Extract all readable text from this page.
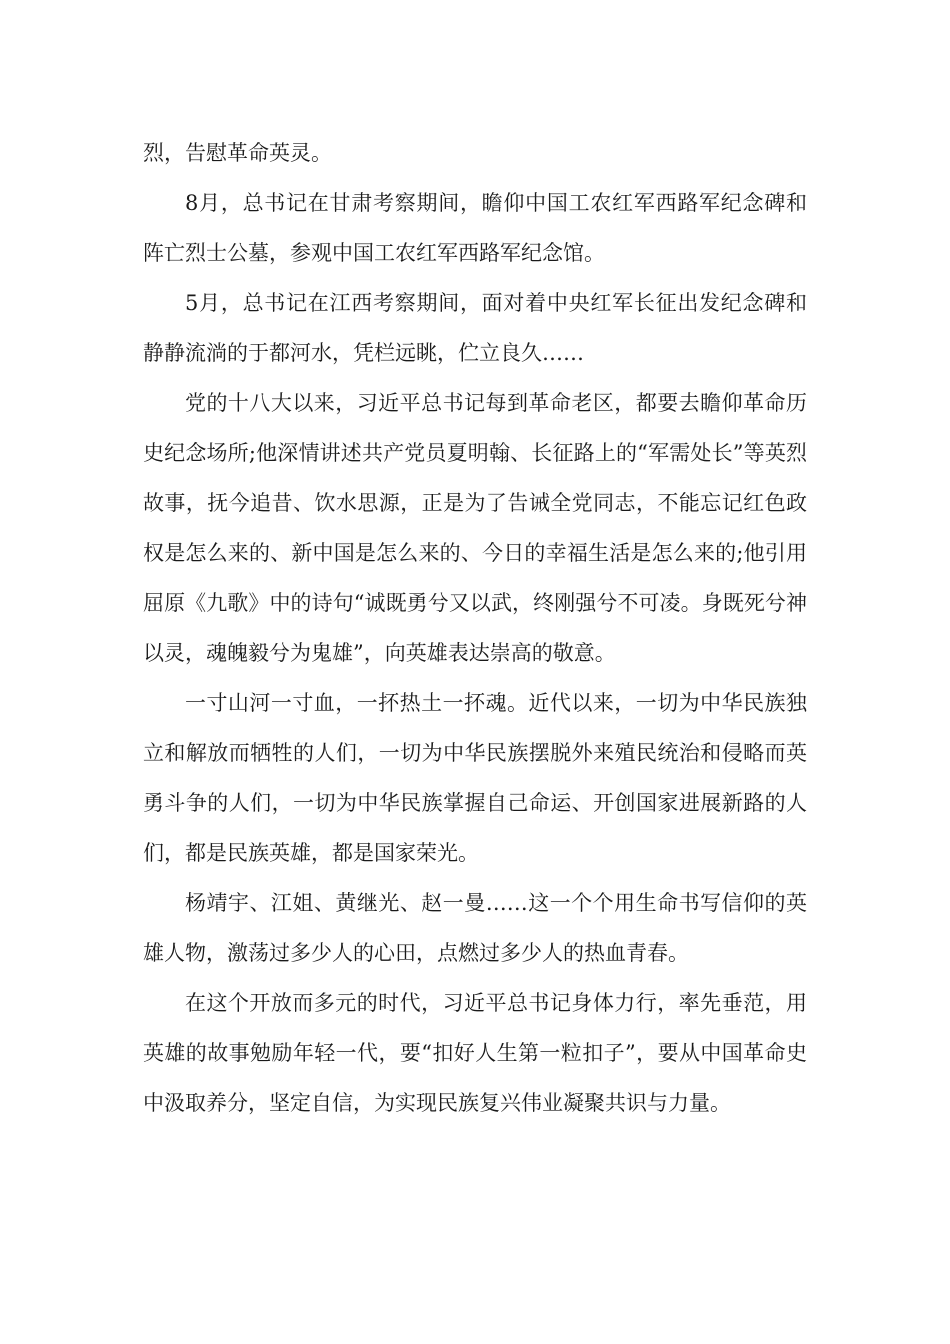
烈，告慰革命英灵。

8月，总书记在甘肃考察期间，瞻仰中国工农红军西路军纪念碑和阵亡烈士公墓，参观中国工农红军西路军纪念馆。

5月，总书记在江西考察期间，面对着中央红军长征出发纪念碑和静静流淌的于都河水，凭栏远眺，伫立良久……

党的十八大以来，习近平总书记每到革命老区，都要去瞻仰革命历史纪念场所;他深情讲述共产党员夏明翰、长征路上的“军需处长”等英烈故事，抚今追昔、饮水思源，正是为了告诫全党同志，不能忘记红色政权是怎么来的、新中国是怎么来的、今日的幸福生活是怎么来的;他引用屈原《九歌》中的诗句“诚既勇兮又以武，终刚强兮不可凌。身既死兮神以灵，魂魄毅兮为鬼雄”，向英雄表达崇高的敬意。

一寸山河一寸血，一抔热土一抔魂。近代以来，一切为中华民族独立和解放而牺牲的人们，一切为中华民族摆脱外来殖民统治和侵略而英勇斗争的人们，一切为中华民族掌握自己命运、开创国家进展新路的人们，都是民族英雄，都是国家荣光。

杨靖宇、江姐、黄继光、赵一曼……这一个个用生命书写信仰的英雄人物，激荡过多少人的心田，点燃过多少人的热血青春。

在这个开放而多元的时代，习近平总书记身体力行，率先垂范，用英雄的故事勉励年轻一代，要“扣好人生第一粒扣子”，要从中国革命史中汲取养分，坚定自信，为实现民族复兴伟业凝聚共识与力量。
